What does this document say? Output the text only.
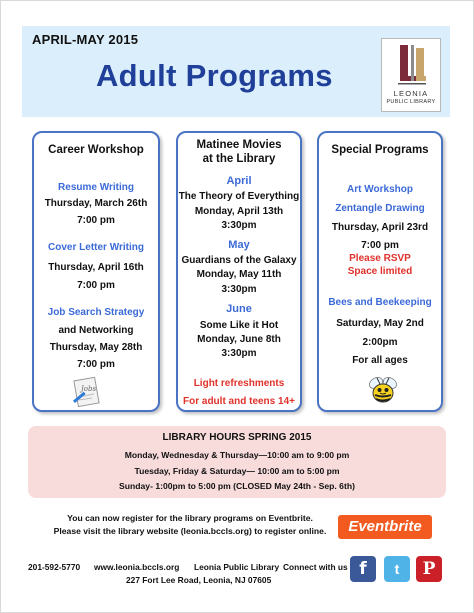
APRIL-MAY 2015
Adult Programs
LEONIA
PUBLIC LIBRARY
Career Workshop
Resume Writing
Thursday, March 26th
7:00 pm
Cover Letter Writing
Thursday, April 16th
7:00 pm
Job Search Strategy
and Networking
Thursday, May 28th
7:00 pm
Jobs
Matinee Movies
at the Library
April
The Theory of Everything
Monday, April 13th
3:30pm
May
Guardians of the Galaxy
Monday, May 11th
3:30pm
June
Some Like it Hot
Monday, June 8th
3:30pm
Light refreshments
For adult and teens 14+
Special Programs
Art Workshop
Zentangle Drawing
Thursday, April 23rd
7:00 pm
Please RSVP
Space limited
Bees and Beekeeping
Saturday, May 2nd
2:00pm
For all ages
LIBRARY HOURS SPRING 2015
Monday, Wednesday & Thursday—10:00 am to 9:00 pm
Tuesday, Friday & Saturday— 10:00 am to 5:00 pm
Sunday- 1:00pm to 5:00 pm (CLOSED May 24th - Sep. 6th)
You can now register for the library programs on Eventbrite.
Please visit the library website (leonia.bccls.org) to register online.	Eventbrite
201-592-5770 www.leonia.bccls.org Leonia Public Library Connect with us
227 Fort Lee Road, Leonia, NJ 07605
f	t	P
